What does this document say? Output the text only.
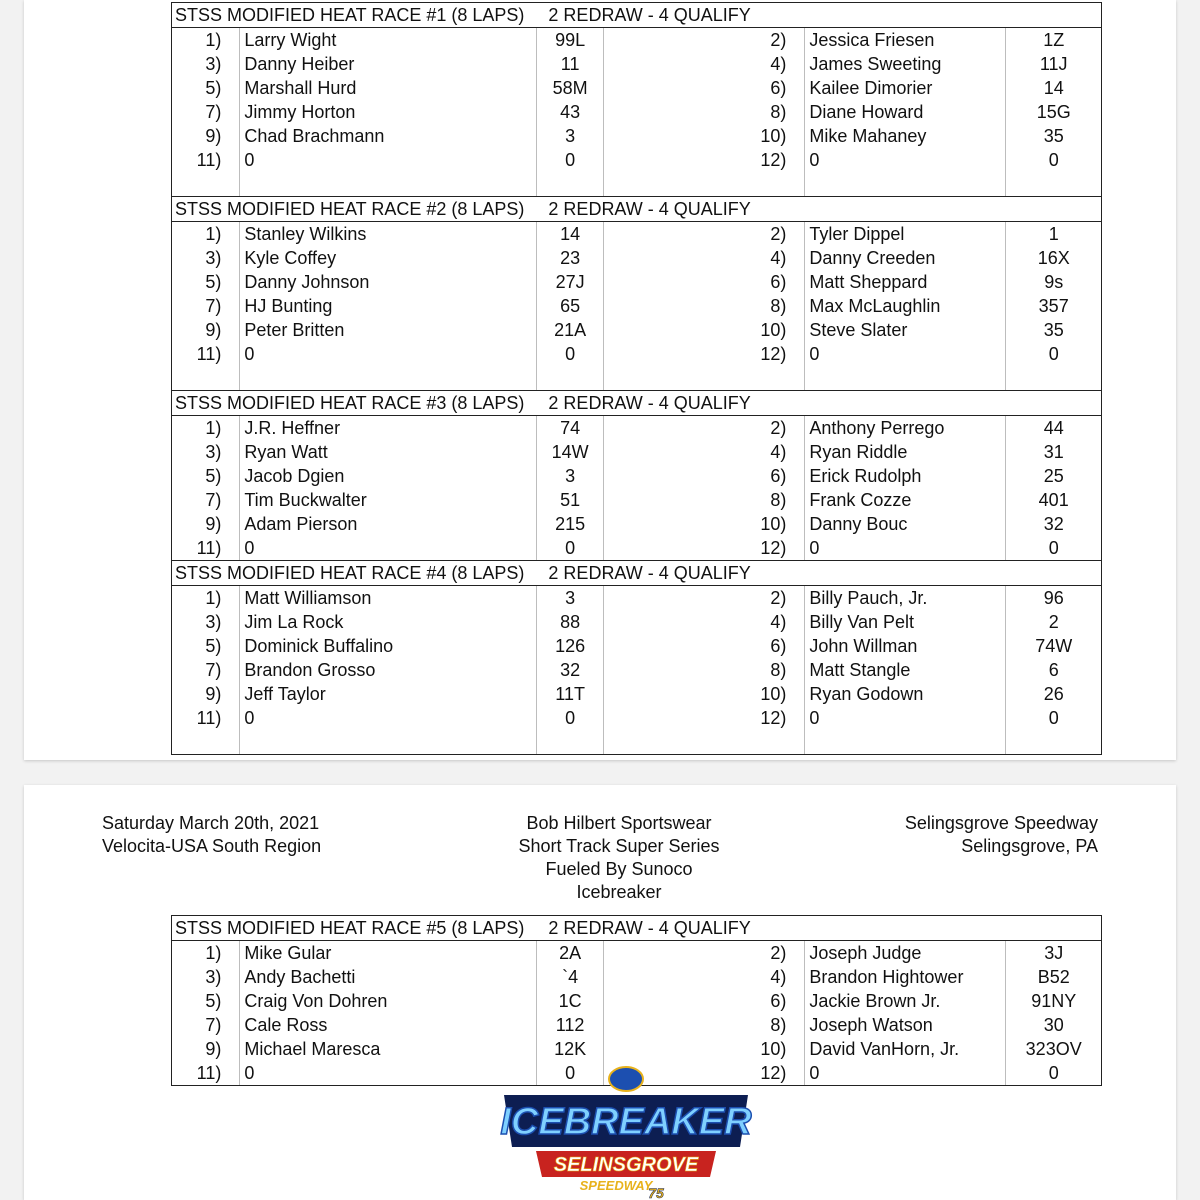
STSS MODIFIED HEAT RACE #1 (8 LAPS) 2 REDRAW - 4 QUALIFY					
1)	Larry Wight	99L	2)	Jessica Friesen	1Z
3)	Danny Heiber	11	4)	James Sweeting	11J
5)	Marshall Hurd	58M	6)	Kailee Dimorier	14
7)	Jimmy Horton	43	8)	Diane Howard	15G
9)	Chad Brachmann	3	10)	Mike Mahaney	35
11)	0	0	12)	0	0

STSS MODIFIED HEAT RACE #2 (8 LAPS) 2 REDRAW - 4 QUALIFY					
1)	Stanley Wilkins	14	2)	Tyler Dippel	1
3)	Kyle Coffey	23	4)	Danny Creeden	16X
5)	Danny Johnson	27J	6)	Matt Sheppard	9s
7)	HJ Bunting	65	8)	Max McLaughlin	357
9)	Peter Britten	21A	10)	Steve Slater	35
11)	0	0	12)	0	0

STSS MODIFIED HEAT RACE #3 (8 LAPS) 2 REDRAW - 4 QUALIFY					
1)	J.R. Heffner	74	2)	Anthony Perrego	44
3)	Ryan Watt	14W	4)	Ryan Riddle	31
5)	Jacob Dgien	3	6)	Erick Rudolph	25
7)	Tim Buckwalter	51	8)	Frank Cozze	401
9)	Adam Pierson	215	10)	Danny Bouc	32
11)	0	0	12)	0	0
STSS MODIFIED HEAT RACE #4 (8 LAPS) 2 REDRAW - 4 QUALIFY					
1)	Matt Williamson	3	2)	Billy Pauch, Jr.	96
3)	Jim La Rock	88	4)	Billy Van Pelt	2
5)	Dominick Buffalino	126	6)	John Willman	74W
7)	Brandon Grosso	32	8)	Matt Stangle	6
9)	Jeff Taylor	11T	10)	Ryan Godown	26
11)	0	0	12)	0	0

Saturday March 20th, 2021
Velocita-USA South Region
Bob Hilbert Sportswear
Short Track Super Series
Fueled By Sunoco
Icebreaker
Selingsgrove Speedway
Selingsgrove, PA
STSS MODIFIED HEAT RACE #5 (8 LAPS) 2 REDRAW - 4 QUALIFY					
1)	Mike Gular	2A	2)	Joseph Judge	3J
3)	Andy Bachetti	`4	4)	Brandon Hightower	B52
5)	Craig Von Dohren	1C	6)	Jackie Brown Jr.	91NY
7)	Cale Ross	112	8)	Joseph Watson	30
9)	Michael Maresca	12K	10)	David VanHorn, Jr.	323OV
11)	0	0	12)	0	0
ICEBREAKER
SELINSGROVE
SPEEDWAY
75
